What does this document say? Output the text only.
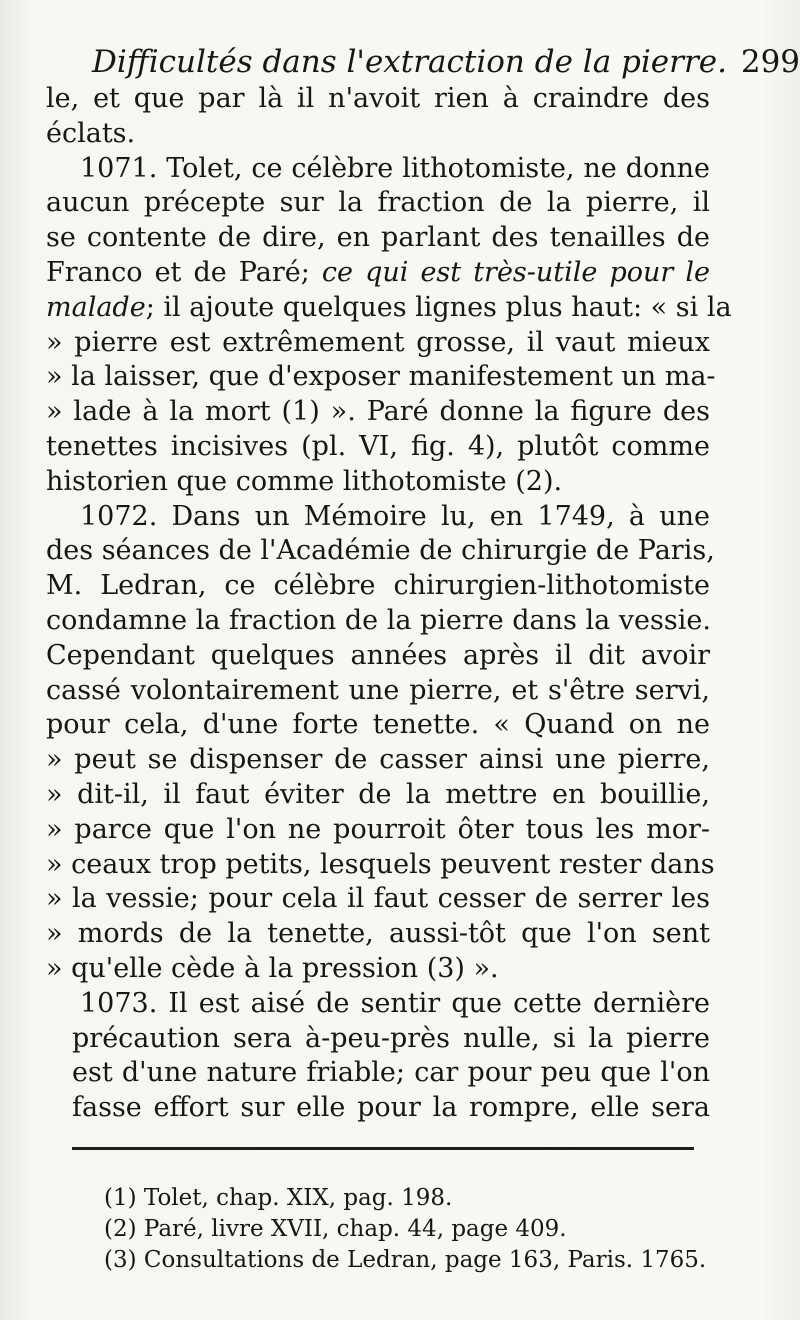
Difficultés dans l'extraction de la pierre. 299
le, et que par là il n'avoit rien à craindre des
éclats.
1071. Tolet, ce célèbre lithotomiste, ne donne
aucun précepte sur la fraction de la pierre, il
se contente de dire, en parlant des tenailles de
Franco et de Paré; ce qui est très-utile pour le
malade; il ajoute quelques lignes plus haut: « si la
» pierre est extrêmement grosse, il vaut mieux
» la laisser, que d'exposer manifestement un ma-
» lade à la mort (1) ». Paré donne la figure des
tenettes incisives (pl. VI, fig. 4), plutôt comme
historien que comme lithotomiste (2).
1072. Dans un Mémoire lu, en 1749, à une
des séances de l'Académie de chirurgie de Paris,
M. Ledran, ce célèbre chirurgien-lithotomiste
condamne la fraction de la pierre dans la vessie.
Cependant quelques années après il dit avoir
cassé volontairement une pierre, et s'être servi,
pour cela, d'une forte tenette. « Quand on ne
» peut se dispenser de casser ainsi une pierre,
» dit-il, il faut éviter de la mettre en bouillie,
» parce que l'on ne pourroit ôter tous les mor-
» ceaux trop petits, lesquels peuvent rester dans
» la vessie; pour cela il faut cesser de serrer les
» mords de la tenette, aussi-tôt que l'on sent
» qu'elle cède à la pression (3) ».
1073. Il est aisé de sentir que cette dernière
précaution sera à-peu-près nulle, si la pierre
est d'une nature friable; car pour peu que l'on
fasse effort sur elle pour la rompre, elle sera
(1) Tolet, chap. XIX, pag. 198.
(2) Paré, livre XVII, chap. 44, page 409.
(3) Consultations de Ledran, page 163, Paris. 1765.
